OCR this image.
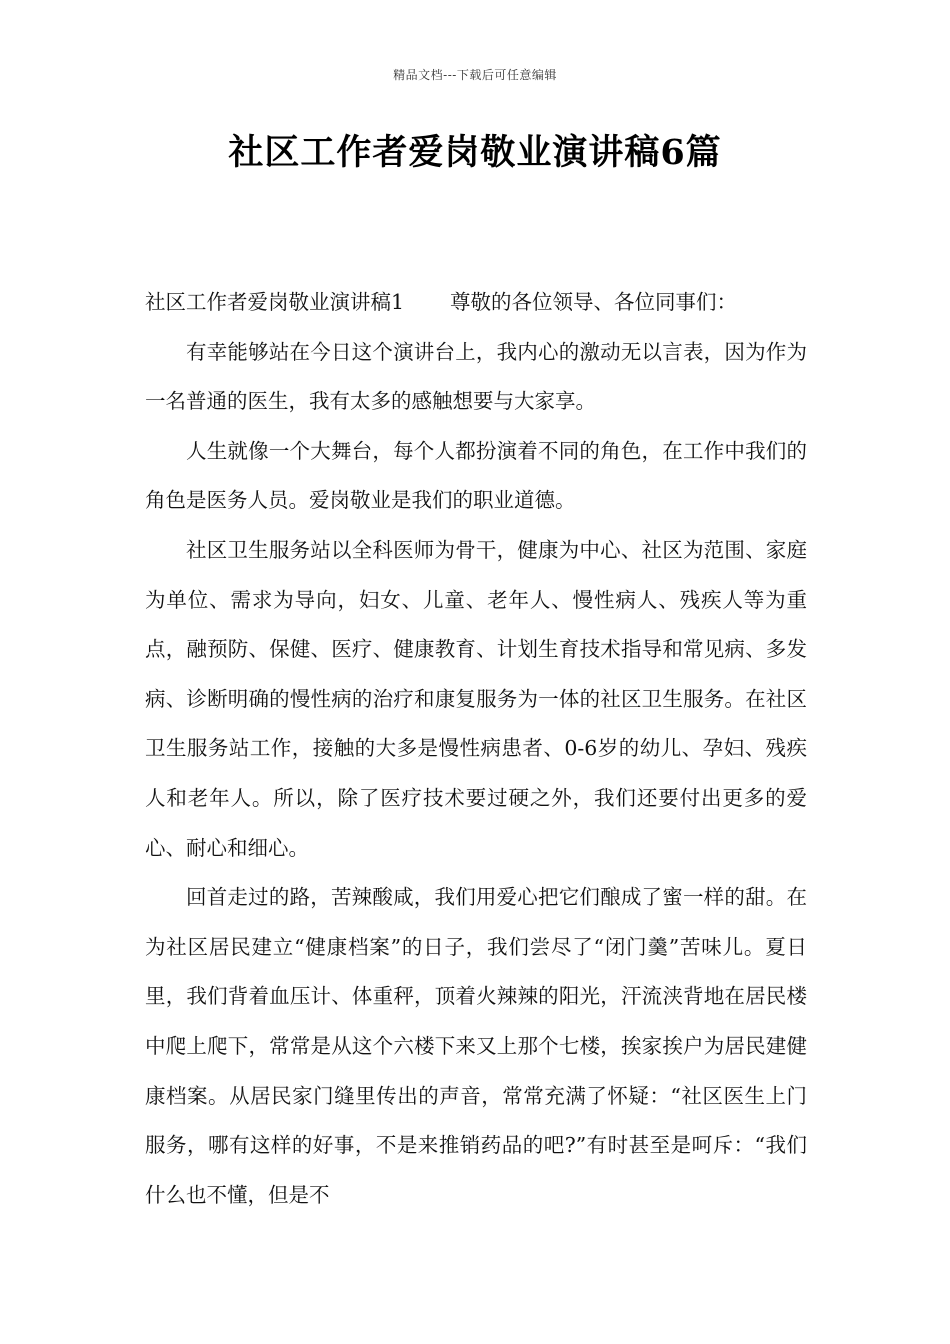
精品文档---下载后可任意编辑
社区工作者爱岗敬业演讲稿6篇

社区工作者爱岗敬业演讲稿1 尊敬的各位领导、各位同事们：

有幸能够站在今日这个演讲台上，我内心的激动无以言表，因为作为一名普通的医生，我有太多的感触想要与大家享。

人生就像一个大舞台，每个人都扮演着不同的角色，在工作中我们的角色是医务人员。爱岗敬业是我们的职业道德。

社区卫生服务站以全科医师为骨干，健康为中心、社区为范围、家庭为单位、需求为导向，妇女、儿童、老年人、慢性病人、残疾人等为重点，融预防、保健、医疗、健康教育、计划生育技术指导和常见病、多发病、诊断明确的慢性病的治疗和康复服务为一体的社区卫生服务。在社区卫生服务站工作，接触的大多是慢性病患者、0-6岁的幼儿、孕妇、残疾人和老年人。所以，除了医疗技术要过硬之外，我们还要付出更多的爱心、耐心和细心。

回首走过的路，苦辣酸咸，我们用爱心把它们酿成了蜜一样的甜。在为社区居民建立“健康档案”的日子，我们尝尽了“闭门羹”苦味儿。夏日里，我们背着血压计、体重秤，顶着火辣辣的阳光，汗流浃背地在居民楼中爬上爬下，常常是从这个六楼下来又上那个七楼，挨家挨户为居民建健康档案。从居民家门缝里传出的声音，常常充满了怀疑：“社区医生上门服务，哪有这样的好事，不是来推销药品的吧?”有时甚至是呵斥：“我们什么也不懂，但是不
